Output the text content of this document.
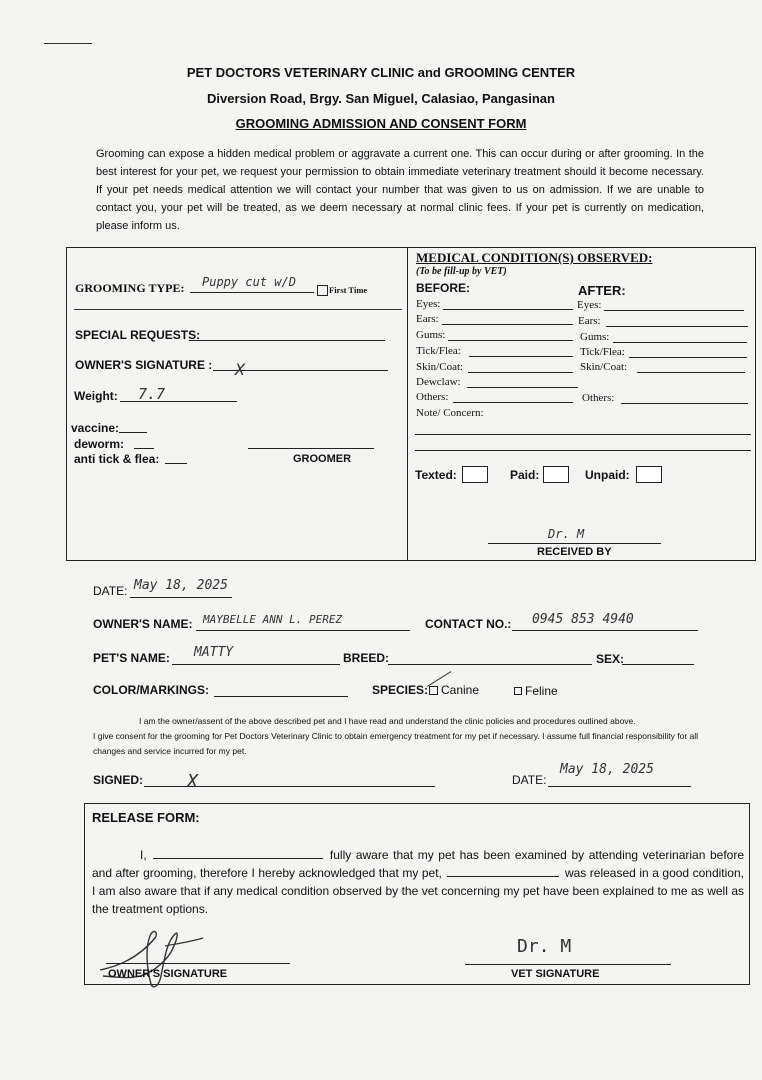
PET DOCTORS VETERINARY CLINIC and GROOMING CENTER
Diversion Road, Brgy. San Miguel, Calasiao, Pangasinan
GROOMING ADMISSION AND CONSENT FORM
Grooming can expose a hidden medical problem or aggravate a current one. This can occur during or after grooming. In the best interest for your pet, we request your permission to obtain immediate veterinary treatment should it become necessary. If your pet needs medical attention we will contact your number that was given to us on admission. If we are unable to contact you, your pet will be treated, as we deem necessary at normal clinic fees. If your pet is currently on medication, please inform us.
GROOMING TYPE: Puppy cut w/D
First Time
SPECIAL REQUESTS:
OWNER'S SIGNATURE : X
Weight: 7.7
vaccine:
deworm:
anti tick & flea:	GROOMER
MEDICAL CONDITION(S) OBSERVED:
(To be fill-up by VET)
BEFORE:	AFTER:
Eyes:
Ears:
Gums:
Tick/Flea:
Skin/Coat:
Dewclaw:
Others:
Note/ Concern:
Eyes:
Ears:
Gums:
Tick/Flea:
Skin/Coat:
Others:
Texted:	Paid:	Unpaid:
Dr. M
RECEIVED BY
DATE: May 18, 2025
OWNER'S NAME: MAYBELLE ANN L. PEREZ	CONTACT NO.: 0945 853 4940
PET'S NAME: MATTY	BREED:	SEX:
COLOR/MARKINGS:	SPECIES: Canine	Feline
I am the owner/assent of the above described pet and I have read and understand the clinic policies and procedures outlined above.
I give consent for the grooming for Pet Doctors Veterinary Clinic to obtain emergency treatment for my pet if necessary. I assume full financial responsibility for all changes and service incurred for my pet.
SIGNED: X	DATE:
May 18, 2025
RELEASE FORM:
I,	fully aware that my pet has been examined by attending veterinarian before and after grooming, therefore I hereby acknowledged that my pet,	was released in a good condition, I am also aware that if any medical condition observed by the vet concerning my pet have been explained to me as well as the treatment options.
OWNER'S SIGNATURE
Dr. M
VET SIGNATURE
